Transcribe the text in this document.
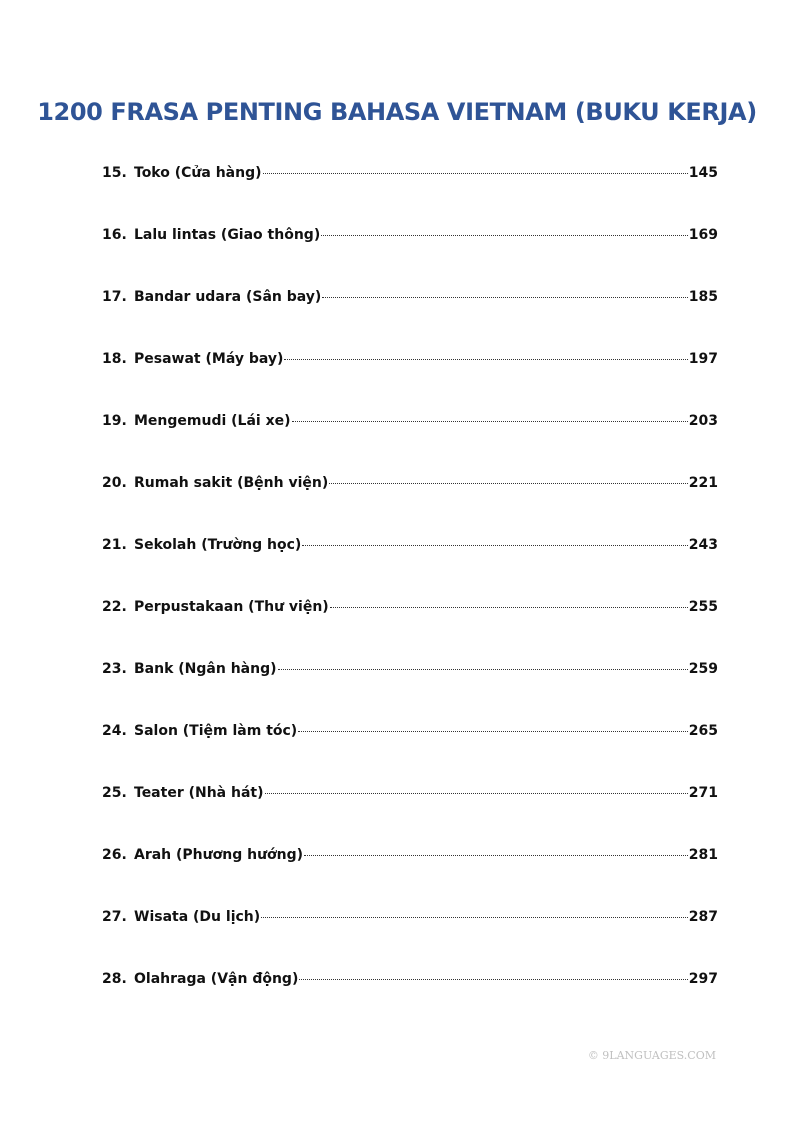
1200 FRASA PENTING BAHASA VIETNAM (BUKU KERJA)
15. Toko (Cửa hàng)	145
16. Lalu lintas (Giao thông)	169
17. Bandar udara (Sân bay)	185
18. Pesawat (Máy bay)	197
19. Mengemudi (Lái xe)	203
20. Rumah sakit (Bệnh viện)	221
21. Sekolah (Trường học)	243
22. Perpustakaan (Thư viện)	255
23. Bank (Ngân hàng)	259
24. Salon (Tiệm làm tóc)	265
25. Teater (Nhà hát)	271
26. Arah (Phương hướng)	281
27. Wisata (Du lịch)	287
28. Olahraga (Vận động)	297
© 9LANGUAGES.COM
